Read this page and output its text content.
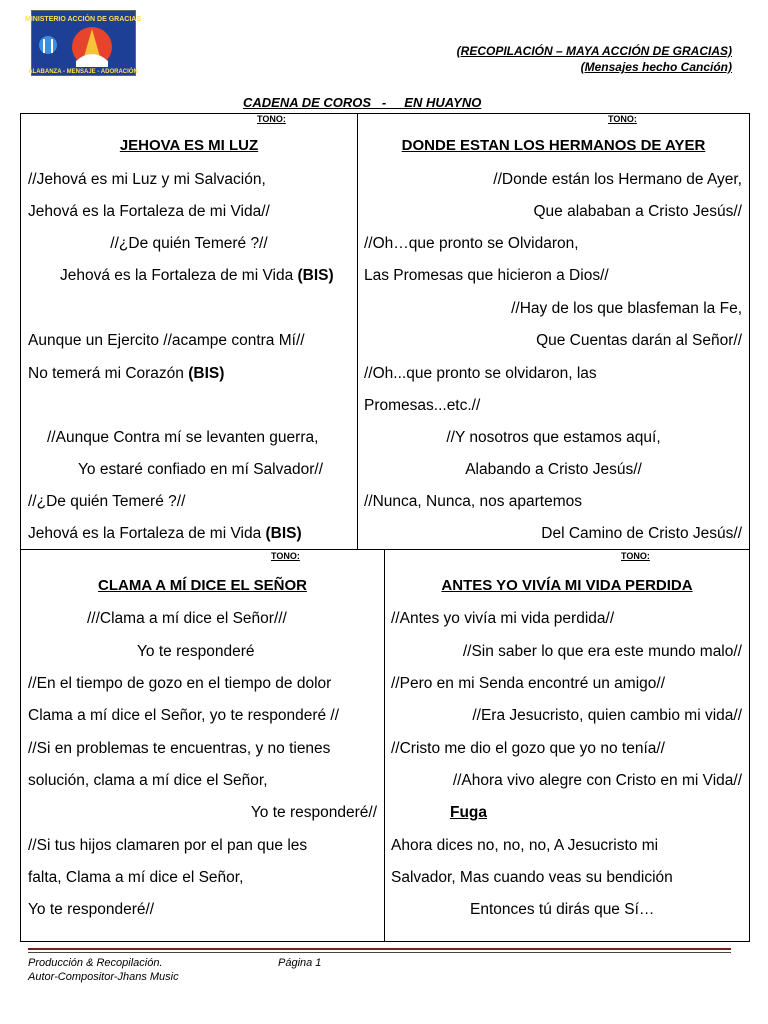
MINISTERIO ACCIÓN DE GRACIAS
ALABANZA - MENSAJE - ADORACIÓN
(RECOPILACIÓN – MAYA ACCIÓN DE GRACIAS)
(Mensajes hecho Canción)
CADENA DE COROS   -     EN HUAYNO
TONO:
JEHOVA ES MI LUZ
//Jehová es mi Luz y mi Salvación,
Jehová es la Fortaleza de mi Vida//
//¿De quién Temeré ?//
Jehová es la Fortaleza de mi Vida (BIS)
Aunque un Ejercito //acampe contra Mí//
No temerá mi Corazón (BIS)
//Aunque Contra mí se levanten guerra,
Yo estaré confiado en mí Salvador//
//¿De quién Temeré ?//
Jehová es la Fortaleza de mi Vida (BIS)
TONO:
DONDE ESTAN LOS HERMANOS DE AYER
//Donde están los Hermano de Ayer,
Que alababan a Cristo Jesús//
//Oh…que pronto se Olvidaron,
Las Promesas que hicieron a Dios//
//Hay de los que blasfeman la Fe,
Que Cuentas darán al Señor//
//Oh...que pronto se olvidaron, las
Promesas...etc.//
//Y nosotros que estamos aquí,
Alabando a Cristo Jesús//
//Nunca, Nunca, nos apartemos
Del Camino de Cristo Jesús//
TONO:
CLAMA A MÍ DICE EL SEÑOR
///Clama a mí dice el Señor///
Yo te responderé
//En el tiempo de gozo en el tiempo de dolor
Clama a mí dice el Señor, yo te responderé //
//Si en problemas te encuentras, y no tienes
solución, clama a mí dice el Señor,
Yo te responderé//
//Si tus hijos clamaren por el pan que les
falta, Clama a mí dice el Señor,
Yo te responderé//
TONO:
ANTES YO VIVÍA MI VIDA PERDIDA
//Antes yo vivía mi vida perdida//
//Sin saber lo que era este mundo malo//
//Pero en mi Senda encontré un amigo//
//Era Jesucristo, quien cambio mi vida//
//Cristo me dio el gozo que yo no tenía//
//Ahora vivo alegre con Cristo en mi Vida//
Fuga
Ahora dices no, no, no, A Jesucristo mi
Salvador, Mas cuando veas su bendición
Entonces tú dirás que Sí…
Producción & Recopilación.	Página 1
Autor-Compositor-Jhans Music
